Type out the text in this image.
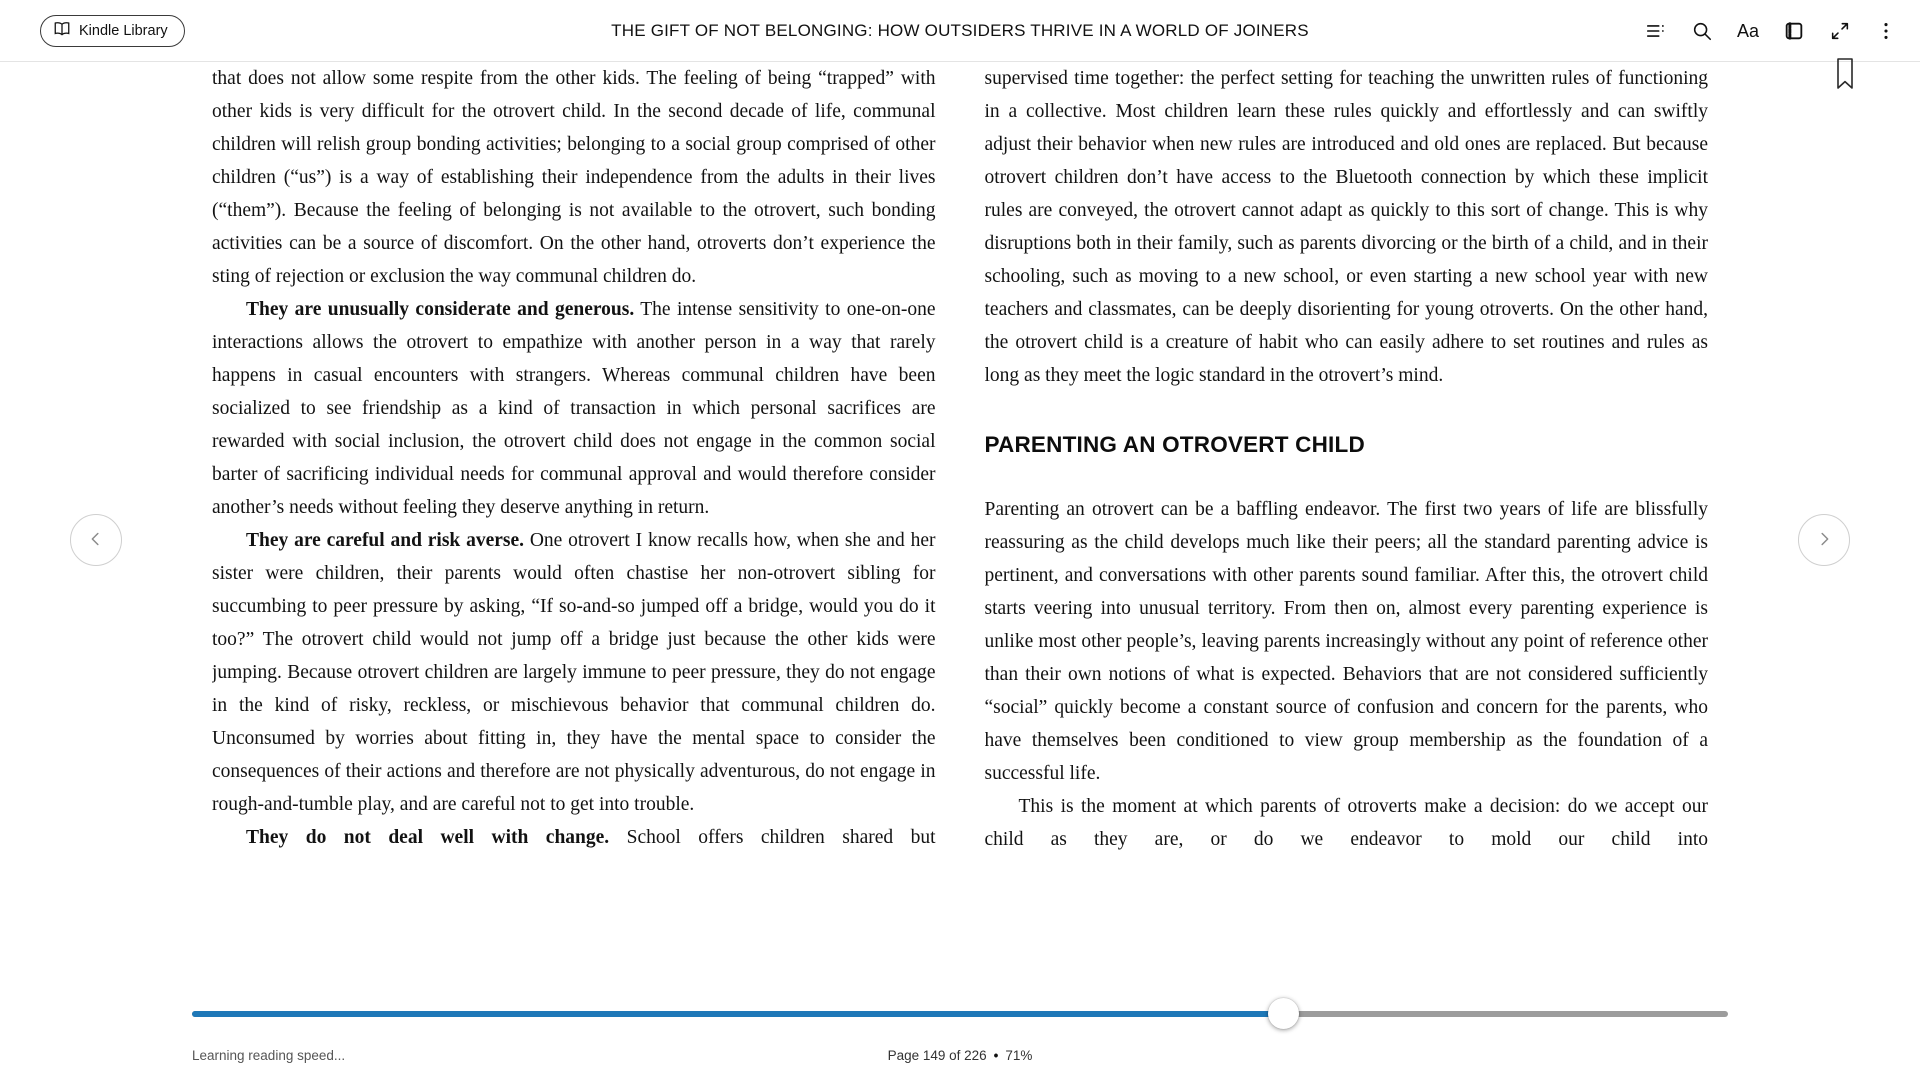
Kindle Library	THE GIFT OF NOT BELONGING: HOW OUTSIDERS THRIVE IN A WORLD OF JOINERS	Aa

that does not allow some respite from the other kids. The feeling of being “trapped” with other kids is very difficult for the otrovert child. In the second decade of life, communal children will relish group bonding activities; belonging to a social group comprised of other children (“us”) is a way of establishing their independence from the adults in their lives (“them”). Because the feeling of belonging is not available to the otrovert, such bonding activities can be a source of discomfort. On the other hand, otroverts don’t experience the sting of rejection or exclusion the way communal children do.

They are unusually considerate and generous. The intense sensitivity to one-on-one interactions allows the otrovert to empathize with another person in a way that rarely happens in casual encounters with strangers. Whereas communal children have been socialized to see friendship as a kind of transaction in which personal sacrifices are rewarded with social inclusion, the otrovert child does not engage in the common social barter of sacrificing individual needs for communal approval and would therefore consider another’s needs without feeling they deserve anything in return.

They are careful and risk averse. One otrovert I know recalls how, when she and her sister were children, their parents would often chastise her non-otrovert sibling for succumbing to peer pressure by asking, “If so-and-so jumped off a bridge, would you do it too?” The otrovert child would not jump off a bridge just because the other kids were jumping. Because otrovert children are largely immune to peer pressure, they do not engage in the kind of risky, reckless, or mischievous behavior that communal children do. Unconsumed by worries about fitting in, they have the mental space to consider the consequences of their actions and therefore are not physically adventurous, do not engage in rough-and-tumble play, and are careful not to get into trouble.

They do not deal well with change. School offers children shared but

supervised time together: the perfect setting for teaching the unwritten rules of functioning in a collective. Most children learn these rules quickly and effortlessly and can swiftly adjust their behavior when new rules are introduced and old ones are replaced. But because otrovert children don’t have access to the Bluetooth connection by which these implicit rules are conveyed, the otrovert cannot adapt as quickly to this sort of change. This is why disruptions both in their family, such as parents divorcing or the birth of a child, and in their schooling, such as moving to a new school, or even starting a new school year with new teachers and classmates, can be deeply disorienting for young otroverts. On the other hand, the otrovert child is a creature of habit who can easily adhere to set routines and rules as long as they meet the logic standard in the otrovert’s mind.

PARENTING AN OTROVERT CHILD

Parenting an otrovert can be a baffling endeavor. The first two years of life are blissfully reassuring as the child develops much like their peers; all the standard parenting advice is pertinent, and conversations with other parents sound familiar. After this, the otrovert child starts veering into unusual territory. From then on, almost every parenting experience is unlike most other people’s, leaving parents increasingly without any point of reference other than their own notions of what is expected. Behaviors that are not considered sufficiently “social” quickly become a constant source of confusion and concern for the parents, who have themselves been conditioned to view group membership as the foundation of a successful life.

This is the moment at which parents of otroverts make a decision: do we accept our child as they are, or do we endeavor to mold our child into

Learning reading speed...	Page 149 of 226 • 71%
